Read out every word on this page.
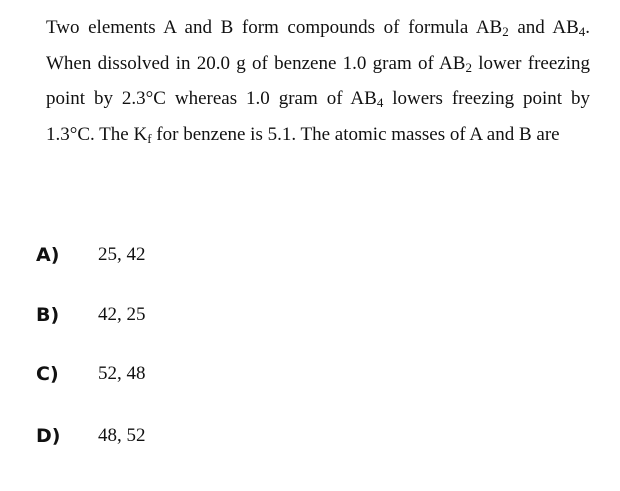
Two elements A and B form compounds of formula $AB_2$ and $AB_4$. When dissolved in 20.0 g of benzene 1.0 gram of $AB_2$ lower freezing point by 2.3°C whereas 1.0 gram of $AB_4$ lowers freezing point by 1.3°C. The $K_f$ for benzene is 5.1. The atomic masses of A and B are

A)	25, 42
B)	42, 25
C)	52, 48
D)	48, 52
